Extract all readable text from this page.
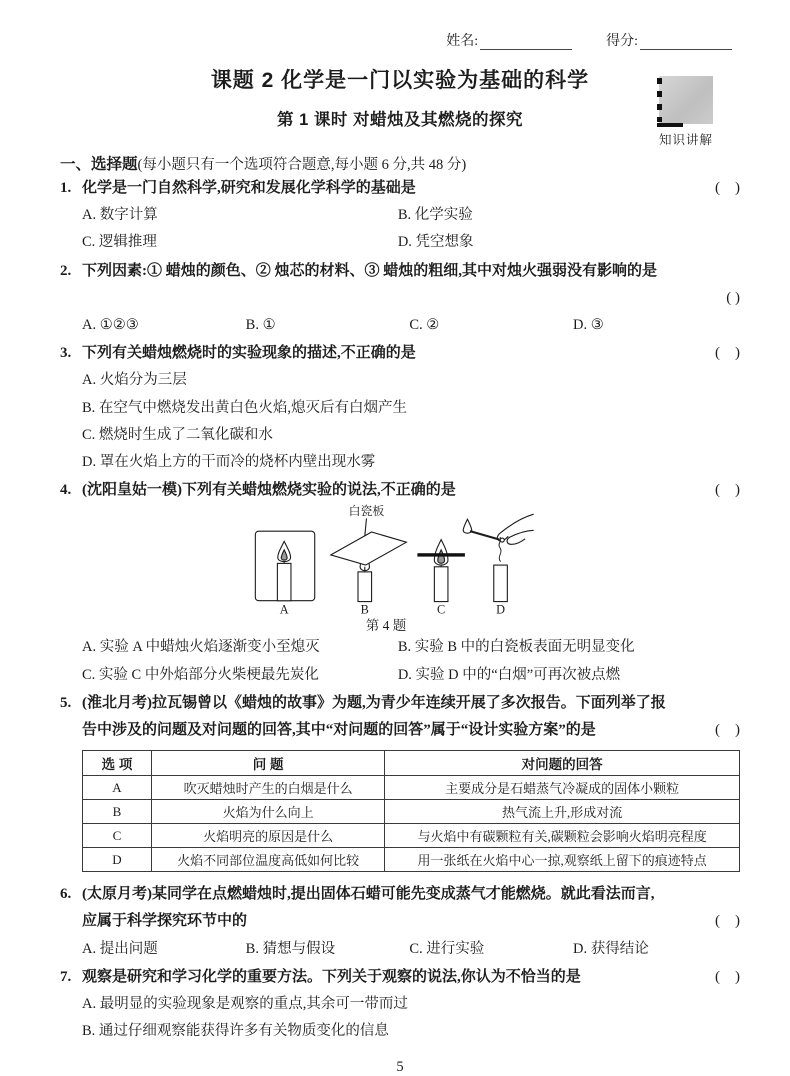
姓名:	得分:
课题 2 化学是一门以实验为基础的科学
第 1 课时 对蜡烛及其燃烧的探究
知识讲解
一、选择题(每小题只有一个选项符合题意,每小题 6 分,共 48 分)
1. 化学是一门自然科学,研究和发展化学科学的基础是	(    )
A. 数字计算	B. 化学实验
C. 逻辑推理	D. 凭空想象
2. 下列因素:① 蜡烛的颜色、② 烛芯的材料、③ 蜡烛的粗细,其中对烛火强弱没有影响的是
( )
A. ①②③	B. ①	C. ②	D. ③
3. 下列有关蜡烛燃烧时的实验现象的描述,不正确的是	(    )
A. 火焰分为三层
B. 在空气中燃烧发出黄白色火焰,熄灭后有白烟产生
C. 燃烧时生成了二氧化碳和水
D. 罩在火焰上方的干而冷的烧杯内壁出现水雾
4. (沈阳皇姑一模)下列有关蜡烛燃烧实验的说法,不正确的是	(    )
白瓷板
A	B	C	D
第 4 题
A. 实验 A 中蜡烛火焰逐渐变小至熄灭	B. 实验 B 中的白瓷板表面无明显变化
C. 实验 C 中外焰部分火柴梗最先炭化	D. 实验 D 中的“白烟”可再次被点燃
5. (淮北月考)拉瓦锡曾以《蜡烛的故事》为题,为青少年连续开展了多次报告。下面列举了报
告中涉及的问题及对问题的回答,其中“对问题的回答”属于“设计实验方案”的是	(    )
选 项	问 题	对问题的回答
A	吹灭蜡烛时产生的白烟是什么	主要成分是石蜡蒸气冷凝成的固体小颗粒
B	火焰为什么向上	热气流上升,形成对流
C	火焰明亮的原因是什么	与火焰中有碳颗粒有关,碳颗粒会影响火焰明亮程度
D	火焰不同部位温度高低如何比较	用一张纸在火焰中心一掠,观察纸上留下的痕迹特点
6. (太原月考)某同学在点燃蜡烛时,提出固体石蜡可能先变成蒸气才能燃烧。就此看法而言,
应属于科学探究环节中的	(    )
A. 提出问题	B. 猜想与假设	C. 进行实验	D. 获得结论
7. 观察是研究和学习化学的重要方法。下列关于观察的说法,你认为不恰当的是	(    )
A. 最明显的实验现象是观察的重点,其余可一带而过
B. 通过仔细观察能获得许多有关物质变化的信息
5
